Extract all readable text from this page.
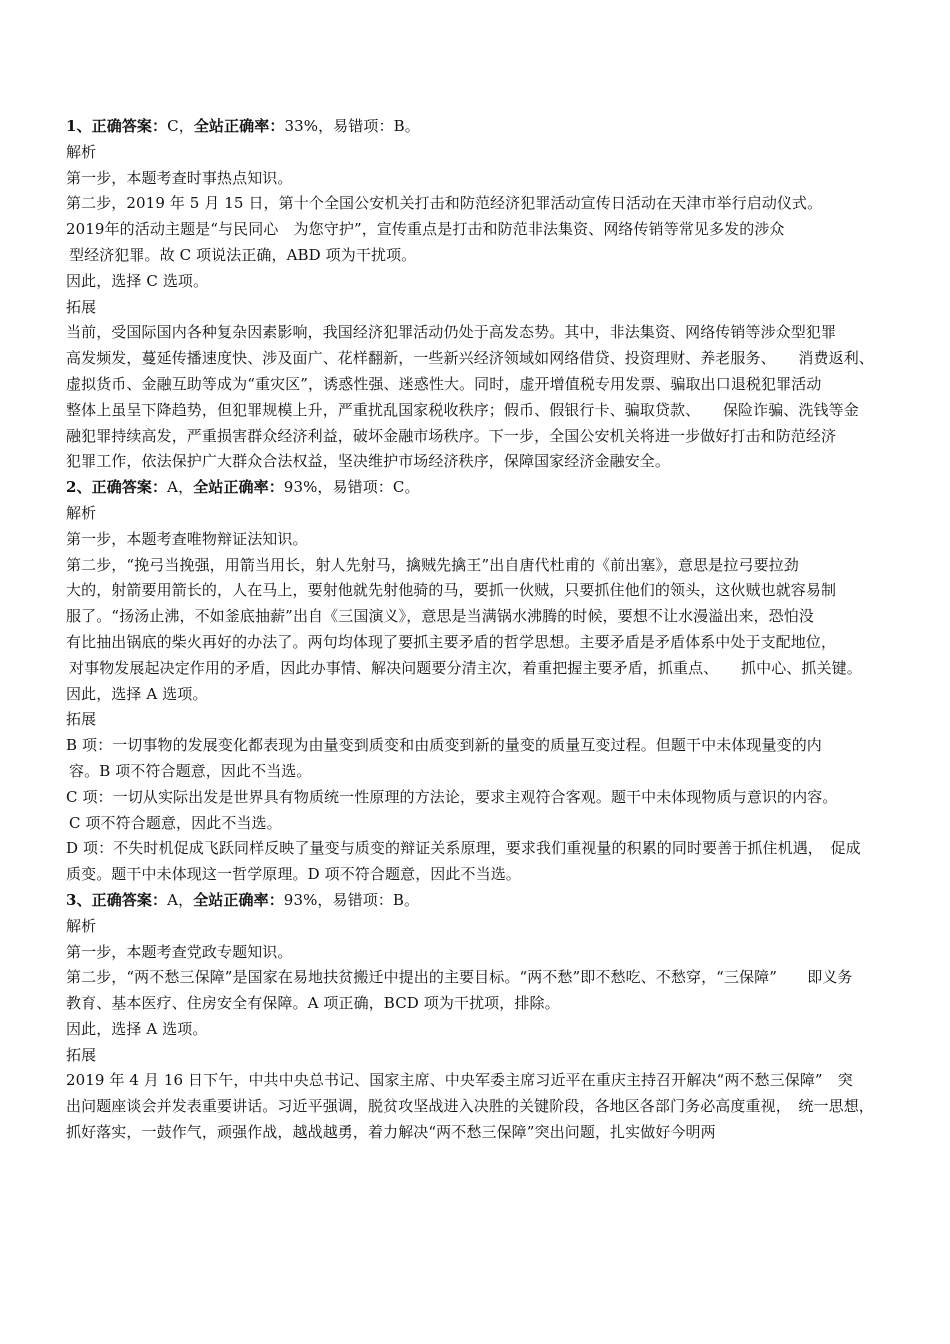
1、正确答案：C，全站正确率：33%，易错项：B。
解析
第一步，本题考查时事热点知识。
第二步，2019 年 5 月 15 日，第十个全国公安机关打击和防范经济犯罪活动宣传日活动在天津市举行启动仪式。
2019年的活动主题是“与民同心　为您守护”，宣传重点是打击和防范非法集资、网络传销等常见多发的涉众
型经济犯罪。故 C 项说法正确，ABD 项为干扰项。
因此，选择 C 选项。
拓展
当前，受国际国内各种复杂因素影响，我国经济犯罪活动仍处于高发态势。其中，非法集资、网络传销等涉众型犯罪
高发频发，蔓延传播速度快、涉及面广、花样翻新，一些新兴经济领域如网络借贷、投资理财、养老服务、　　消费返利、
虚拟货币、金融互助等成为“重灾区”，诱惑性强、迷惑性大。同时，虚开增值税专用发票、骗取出口退税犯罪活动
整体上虽呈下降趋势，但犯罪规模上升，严重扰乱国家税收秩序；假币、假银行卡、骗取贷款、　　保险诈骗、洗钱等金
融犯罪持续高发，严重损害群众经济利益，破坏金融市场秩序。下一步，全国公安机关将进一步做好打击和防范经济
犯罪工作，依法保护广大群众合法权益，坚决维护市场经济秩序，保障国家经济金融安全。
2、正确答案：A，全站正确率：93%，易错项：C。
解析
第一步，本题考查唯物辩证法知识。
第二步，“挽弓当挽强，用箭当用长，射人先射马，擒贼先擒王”出自唐代杜甫的《前出塞》，意思是拉弓要拉劲
大的，射箭要用箭长的，人在马上，要射他就先射他骑的马，要抓一伙贼，只要抓住他们的领头，这伙贼也就容易制
服了。“扬汤止沸，不如釜底抽薪”出自《三国演义》，意思是当满锅水沸腾的时候，要想不让水漫溢出来，恐怕没
有比抽出锅底的柴火再好的办法了。两句均体现了要抓主要矛盾的哲学思想。主要矛盾是矛盾体系中处于支配地位，
对事物发展起决定作用的矛盾，因此办事情、解决问题要分清主次，着重把握主要矛盾，抓重点、　　抓中心、抓关键。
因此，选择 A 选项。
拓展
B 项：一切事物的发展变化都表现为由量变到质变和由质变到新的量变的质量互变过程。但题干中未体现量变的内
容。B 项不符合题意，因此不当选。
C 项：一切从实际出发是世界具有物质统一性原理的方法论，要求主观符合客观。题干中未体现物质与意识的内容。
C 项不符合题意，因此不当选。
D 项：不失时机促成飞跃同样反映了量变与质变的辩证关系原理，要求我们重视量的积累的同时要善于抓住机遇，　促成
质变。题干中未体现这一哲学原理。D 项不符合题意，因此不当选。
3、正确答案：A，全站正确率：93%，易错项：B。
解析
第一步，本题考查党政专题知识。
第二步，“两不愁三保障”是国家在易地扶贫搬迁中提出的主要目标。“两不愁”即不愁吃、不愁穿，“三保障”　　即义务
教育、基本医疗、住房安全有保障。A 项正确，BCD 项为干扰项，排除。
因此，选择 A 选项。
拓展
2019 年 4 月 16 日下午，中共中央总书记、国家主席、中央军委主席习近平在重庆主持召开解决“两不愁三保障”　突
出问题座谈会并发表重要讲话。习近平强调，脱贫攻坚战进入决胜的关键阶段，各地区各部门务必高度重视，　统一思想，
抓好落实，一鼓作气，顽强作战，越战越勇，着力解决“两不愁三保障”突出问题，扎实做好今明两
